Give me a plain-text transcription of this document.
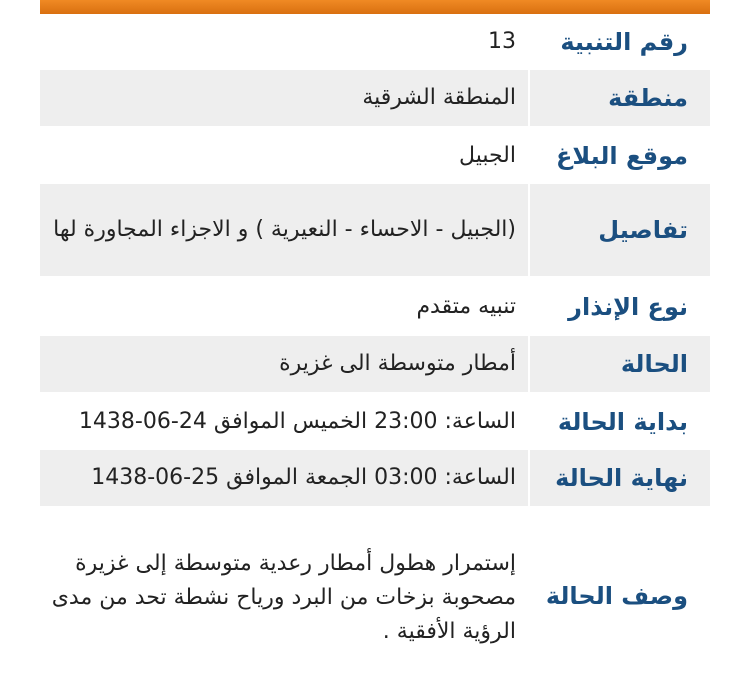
رقم التنبية
13
منطقة
المنطقة الشرقية
موقع البلاغ
الجبيل
تفاصيل
(الجبيل - الاحساء - النعيرية ) و الاجزاء المجاورة لها
نوع الإنذار
تنبيه متقدم
الحالة
أمطار متوسطة الى غزيرة
بداية الحالة
الساعة: 23:00 الخميس الموافق 24-06-1438
نهاية الحالة
الساعة: 03:00 الجمعة الموافق 25-06-1438
وصف الحالة
إستمرار هطول أمطار رعدية متوسطة إلى غزيرة مصحوبة بزخات من البرد ورياح نشطة تحد من مدى الرؤية الأفقية .
